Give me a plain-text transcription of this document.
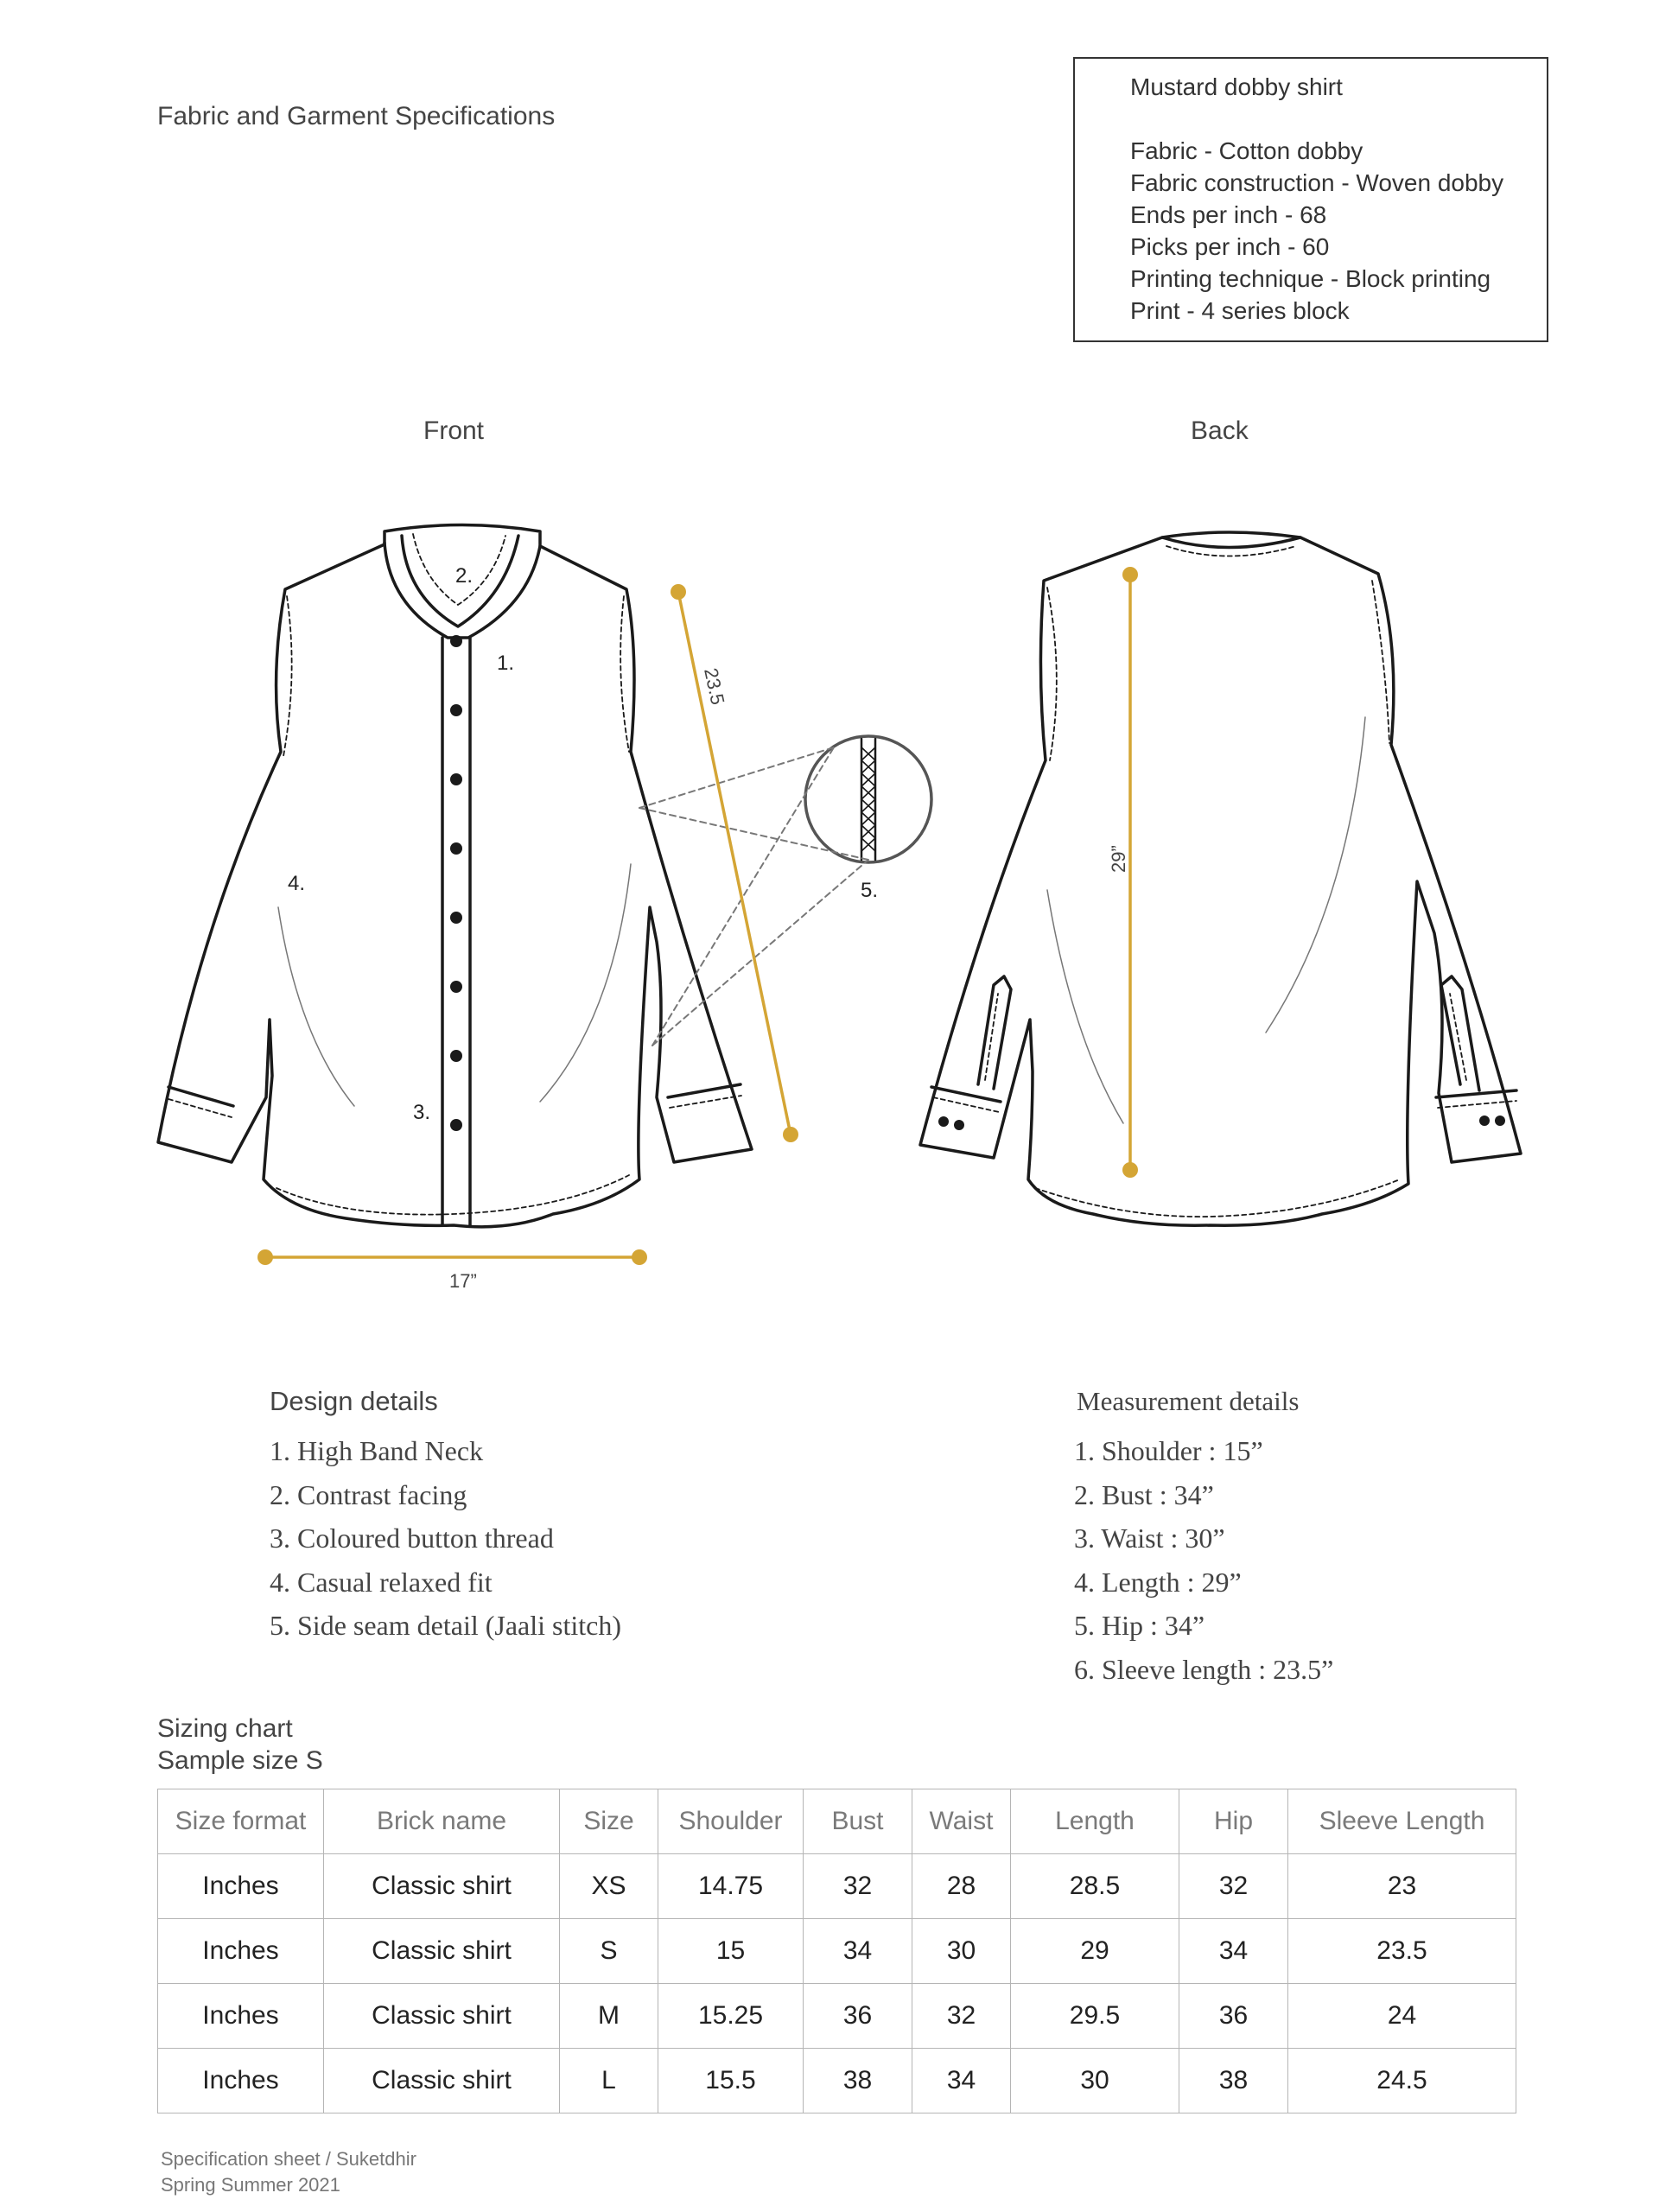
Fabric and Garment Specifications
Mustard dobby shirt
Fabric - Cotton dobby
Fabric construction - Woven dobby
Ends per inch - 68
Picks per inch - 60
Printing technique - Block printing
Print - 4 series block
Front	Back
2.
1.
3.
4.	5.
23.5
17”
29”
Design details
1. High Band Neck
2. Contrast facing
3. Coloured button thread
4. Casual relaxed fit
5. Side seam detail (Jaali stitch)
Measurement details
1. Shoulder : 15”
2. Bust : 34”
3. Waist : 30”
4. Length : 29”
5. Hip : 34”
6. Sleeve length : 23.5”
Sizing chart
Sample size S
Size format	Brick name	Size	Shoulder	Bust	Waist	Length	Hip	Sleeve Length
Inches	Classic shirt	XS	14.75	32	28	28.5	32	23
Inches	Classic shirt	S	15	34	30	29	34	23.5
Inches	Classic shirt	M	15.25	36	32	29.5	36	24
Inches	Classic shirt	L	15.5	38	34	30	38	24.5
Specification sheet / Suketdhir
Spring Summer 2021
